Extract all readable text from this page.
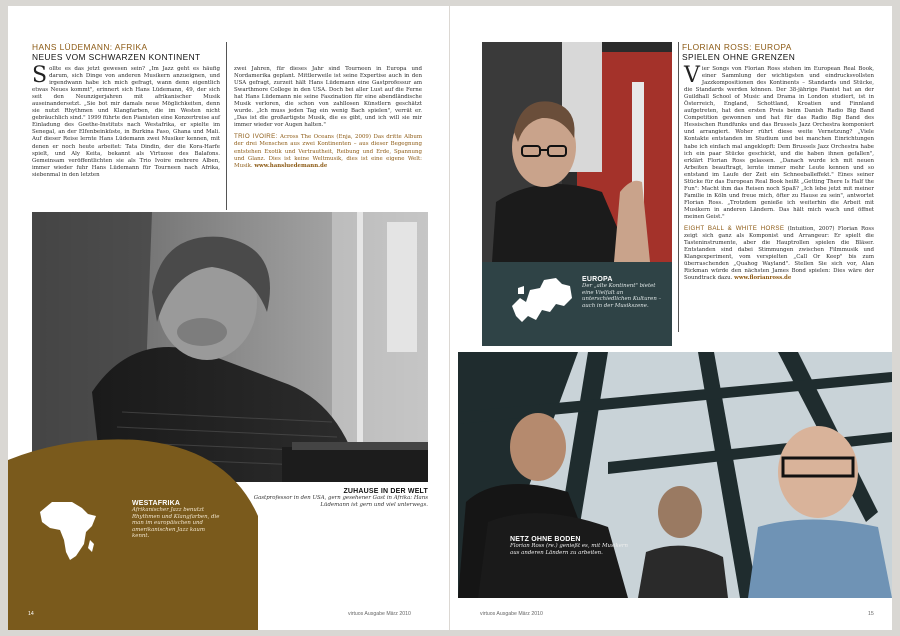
HANS LÜDEMANN: AFRIKA
NEUES VOM SCHWARZEN KONTINENT
S ollte es das jetzt gewesen sein? „Im Jazz geht es häufig darum, sich Dinge von anderen Musikern anzueignen, und irgendwann habe ich mich gefragt, wann denn eigentlich etwas Neues kommt", erinnert sich Hans Lüdemann, 49, der sich seit den Neunzigerjahren mit afrikanischer Musik auseinandersetzt. „Sie bot mir damals neue Möglichkeiten, denn sie nutzt Rhythmen und Klangfarben, die im Westen nicht gebräuchlich sind." 1999 führte den Pianisten eine Konzertreise auf Einladung des Goethe-Instituts nach Westafrika, er spielte im Senegal, an der Elfenbeinküste, in Burkina Faso, Ghana und Mali. Auf dieser Reise lernte Hans Lüdemann zwei Musiker kennen, mit denen er noch heute arbeitet: Tata Dindin, der die Kora-Harfe spielt, und Aly Keita, bekannt als Virtuose des Balafons. Gemeinsam veröffentlichten sie als Trio Ivoire mehrere Alben, immer wieder fuhr Hans Lüdemann für Tourneen nach Afrika, siebenmal in den letzten

zwei Jahren, für dieses Jahr sind Tourneen in Europa und Nordamerika geplant. Mittlerweile ist seine Expertise auch in den USA gefragt, zurzeit hält Hans Lüdemann eine Gastprofessur am Swarthmore College in den USA. Doch bei aller Lust auf die Ferne hat Hans Lüdemann nie seine Faszination für eine abendländische Musik verloren, die schon von zahllosen Künstlern geschätzt wurde. „Ich muss jeden Tag ein wenig Bach spielen", verrät er. „Das ist die großartigste Musik, die es gibt, und ich will sie mir immer wieder vor Augen halten."

TRIO IVOIRE: Across The Oceans (Enja, 2009) Das dritte Album der drei Menschen aus zwei Kontinenten – aus dieser Begegnung entstehen Exotik und Vertrautheit, Reibung und Erde, Spannung und Glanz. Dies ist keine Weltmusik, dies ist eine eigene Welt: Musik. www.hansluedemann.de

WESTAFRIKA
Afrikanischer Jazz benutzt Rhythmen und Klangfarben, die man im europäischen und amerikanischen Jazz kaum kennt.
ZUHAUSE IN DER WELT
Gastprofessor in den USA, gern gesehener Gast in Afrika: Hans Lüdemann ist gern und viel unterwegs.
14	virtuos Ausgabe März 2010
EUROPA
Der „alte Kontinent" bietet eine Vielfalt an unterschiedlichen Kulturen – auch in der Musikszene.
FLORIAN ROSS: EUROPA
SPIELEN OHNE GRENZEN
V ier Songs von Florian Ross stehen im European Real Book, einer Sammlung der wichtigsten und eindrucksvollsten Jazzkompositionen des Kontinents – Standards und Stücke, die Standards werden können. Der 38-jährige Pianist hat an der Guildhall School of Music and Drama in London studiert, ist in Österreich, England, Schottland, Kroatien und Finnland aufgetreten, hat den ersten Preis beim Danish Radio Big Band Competition gewonnen und hat für das Radio Big Band des Hessischen Rundfunks und das Brussels Jazz Orchestra komponiert und arrangiert. Woher rührt diese weite Vernetzung? „Viele Kontakte entstanden im Studium und bei manchen Einrichtungen habe ich einfach mal angeklopft: Dem Brussels Jazz Orchestra habe ich ein paar Stücke geschickt, und die haben ihnen gefallen", erklärt Florian Ross gelassen. „Danach wurde ich mit neuen Arbeiten beauftragt, lernte immer mehr Leute kennen und so entstand im Laufe der Zeit ein Schneeballeffekt." Eines seiner Stücke für das European Real Book heißt „Getting There Is Half the Fun": Macht ihm das Reisen noch Spaß? „Ich lebe jetzt mit meiner Familie in Köln und freue mich, öfter zu Hause zu sein", antwortet Florian Ross. „Trotzdem genieße ich weiterhin die Arbeit mit Musikern in anderen Ländern. Das hält mich wach und öffnet meinen Geist."

EIGHT BALL & WHITE HORSE (Intuition, 2007) Florian Ross zeigt sich ganz als Komponist und Arrangeur: Er spielt die Tasteninstrumente, aber die Hauptrollen spielen die Bläser. Entstanden sind dabei Stimmungen zwischen Filmmusik und Klangexperiment, vom verspielten „Call Or Keep" bis zum überraschenden „Quahog Wayland". Stellen Sie sich vor, Alan Rickman würde den nächsten James Bond spielen: Dies wäre der Soundtrack dazu. www.florianross.de

NETZ OHNE BODEN
Florian Ross (re.) genießt es, mit Musikern aus anderen Ländern zu arbeiten.
virtuos Ausgabe März 2010	15
